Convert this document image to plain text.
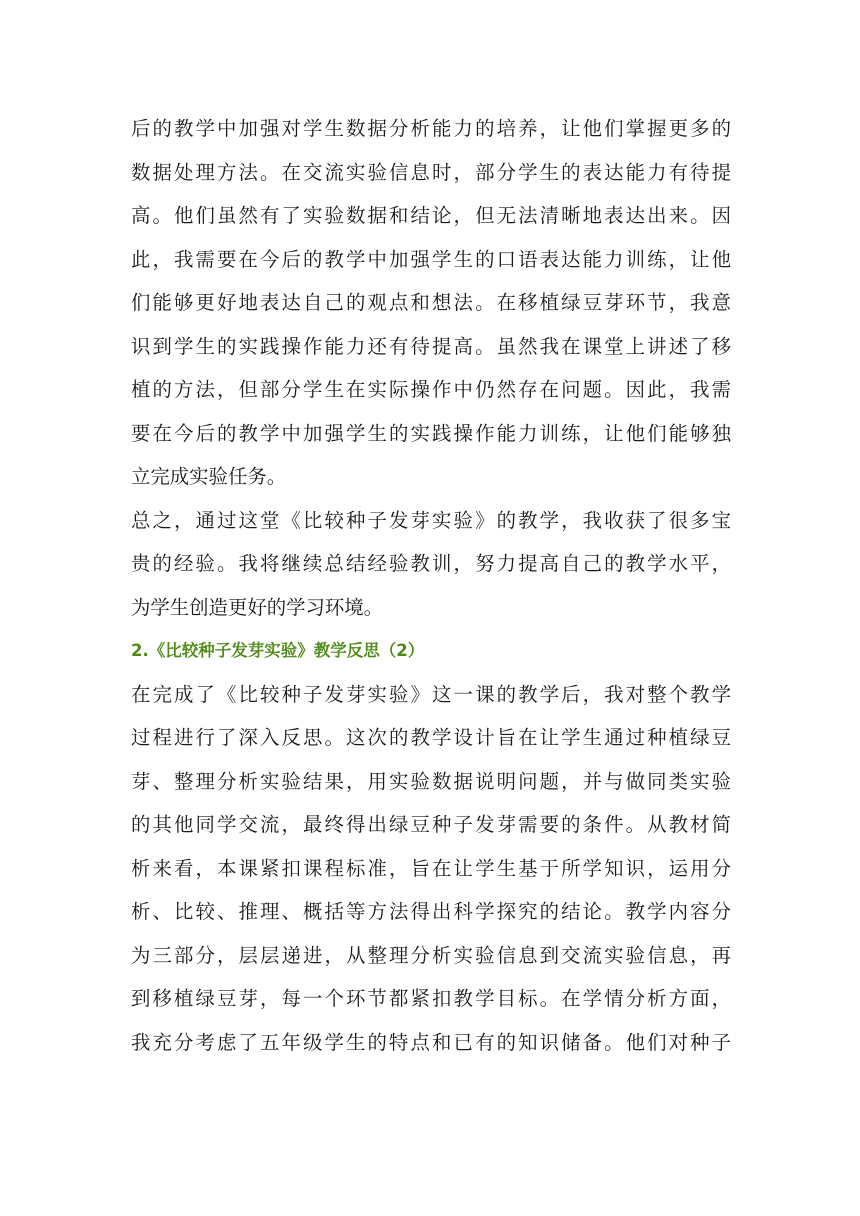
后的教学中加强对学生数据分析能力的培养，让他们掌握更多的
数据处理方法。在交流实验信息时，部分学生的表达能力有待提
高。他们虽然有了实验数据和结论，但无法清晰地表达出来。因
此，我需要在今后的教学中加强学生的口语表达能力训练，让他
们能够更好地表达自己的观点和想法。在移植绿豆芽环节，我意
识到学生的实践操作能力还有待提高。虽然我在课堂上讲述了移
植的方法，但部分学生在实际操作中仍然存在问题。因此，我需
要在今后的教学中加强学生的实践操作能力训练，让他们能够独
立完成实验任务。
总之，通过这堂《比较种子发芽实验》的教学，我收获了很多宝
贵的经验。我将继续总结经验教训，努力提高自己的教学水平，
为学生创造更好的学习环境。
2.《比较种子发芽实验》教学反思（2）
在完成了《比较种子发芽实验》这一课的教学后，我对整个教学
过程进行了深入反思。这次的教学设计旨在让学生通过种植绿豆
芽、整理分析实验结果，用实验数据说明问题，并与做同类实验
的其他同学交流，最终得出绿豆种子发芽需要的条件。从教材简
析来看，本课紧扣课程标准，旨在让学生基于所学知识，运用分
析、比较、推理、概括等方法得出科学探究的结论。教学内容分
为三部分，层层递进，从整理分析实验信息到交流实验信息，再
到移植绿豆芽，每一个环节都紧扣教学目标。在学情分析方面，
我充分考虑了五年级学生的特点和已有的知识储备。他们对种子
